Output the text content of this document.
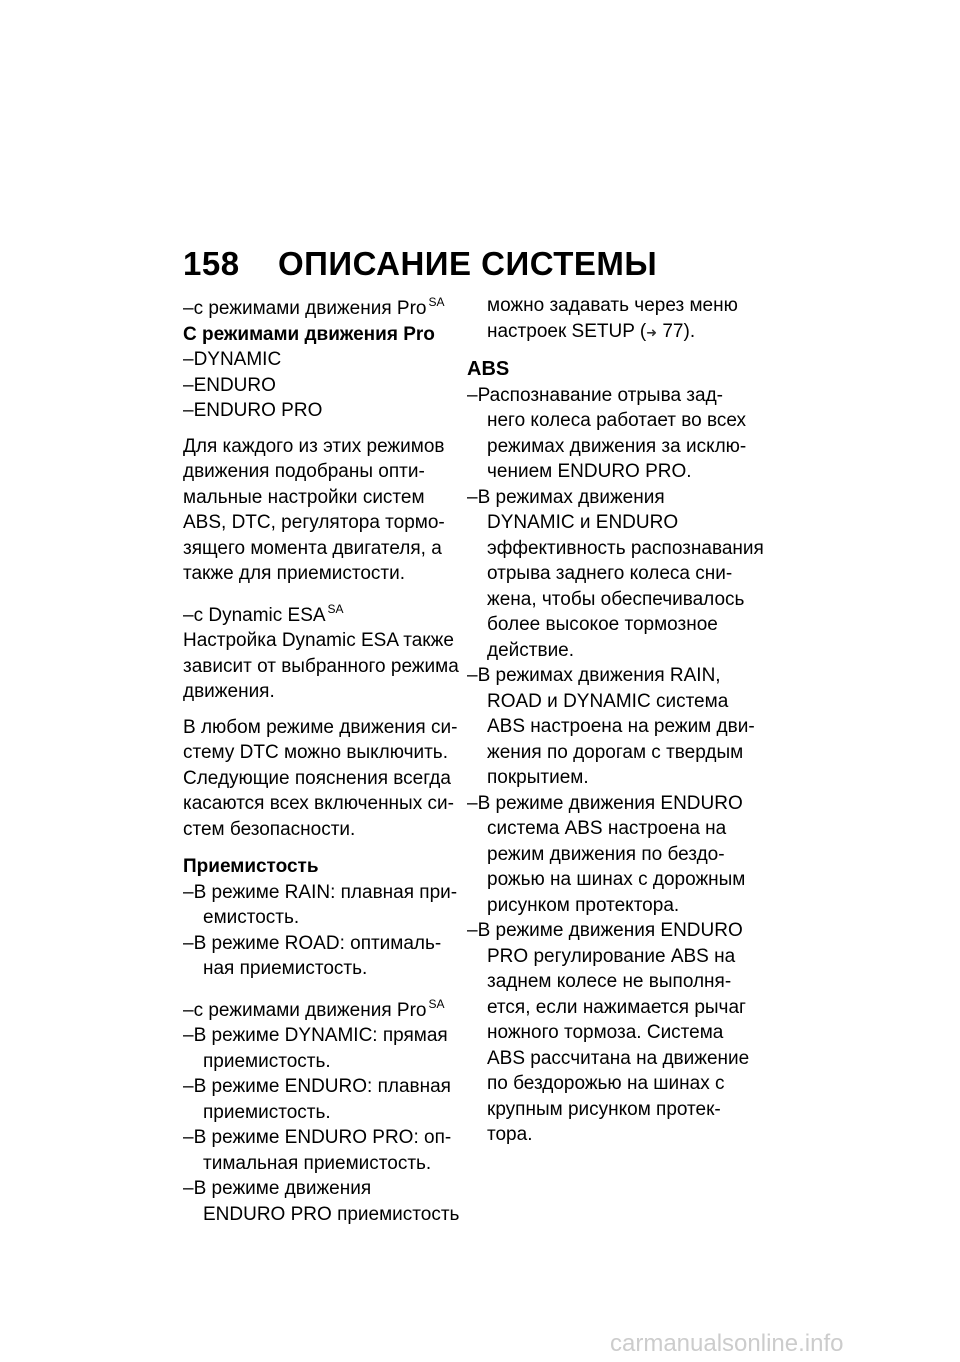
158 ОПИСАНИЕ СИСТЕМЫ
–с режимами движения Pro $^{SA}$
С режимами движения Pro
–DYNAMIC
–ENDURO
–ENDURO PRO
Для каждого из этих режимов
движения подобраны опти-
мальные настройки систем
ABS, DTC, регулятора тормо-
зящего момента двигателя, а
также для приемистости.
–с Dynamic ESA $^{SA}$
Настройка Dynamic ESA также
зависит от выбранного режима
движения.
В любом режиме движения си-
стему DTC можно выключить.
Следующие пояснения всегда
касаются всех включенных си-
стем безопасности.
Приемистость
–В режиме RAIN: плавная при-
емистость.
–В режиме ROAD: оптималь-
ная приемистость.
–с режимами движения Pro $^{SA}$
–В режиме DYNAMIC: прямая
приемистость.
–В режиме ENDURO: плавная
приемистость.
–В режиме ENDURO PRO: оп-
тимальная приемистость.
–В режиме движения
ENDURO PRO приемистость
можно задавать через меню
настроек SETUP (➜ 77).
ABS
–Распознавание отрыва зад-
него колеса работает во всех
режимах движения за исклю-
чением ENDURO PRO.
–В режимах движения
DYNAMIC и ENDURO
эффективность распознавания
отрыва заднего колеса сни-
жена, чтобы обеспечивалось
более высокое тормозное
действие.
–В режимах движения RAIN,
ROAD и DYNAMIC система
ABS настроена на режим дви-
жения по дорогам с твердым
покрытием.
–В режиме движения ENDURO
система ABS настроена на
режим движения по бездо-
рожью на шинах с дорожным
рисунком протектора.
–В режиме движения ENDURO
PRO регулирование ABS на
заднем колесе не выполня-
ется, если нажимается рычаг
ножного тормоза. Система
ABS рассчитана на движение
по бездорожью на шинах с
крупным рисунком протек-
тора.
carmanualsonline.info
